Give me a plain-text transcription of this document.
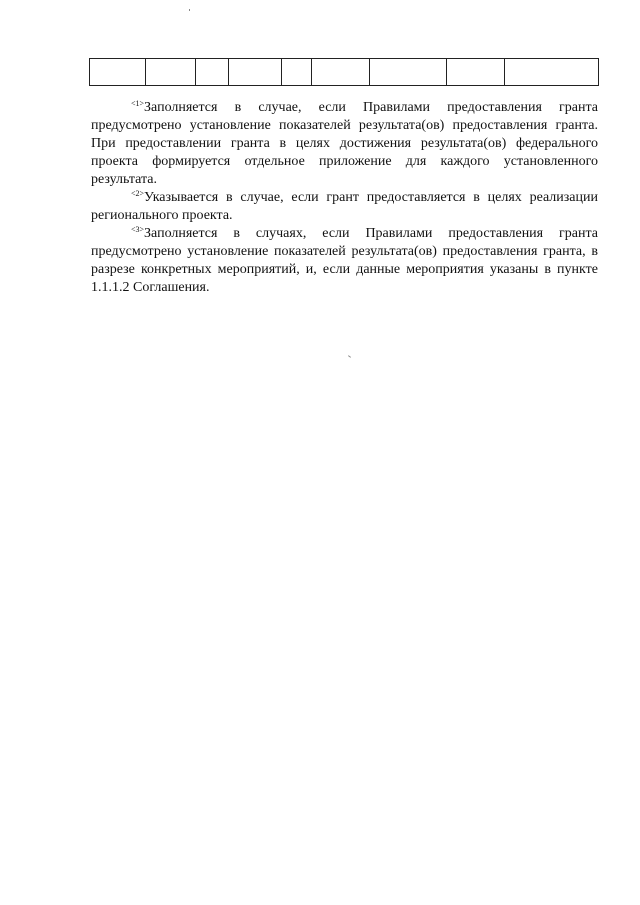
$^{<1>}$Заполняется в случае, если Правилами предоставления гранта предусмотрено установление показателей результата(ов) предоставления гранта. При предоставлении гранта в целях достижения результата(ов) федерального проекта формируется отдельное приложение для каждого установленного результата.

$^{<2>}$Указывается в случае, если грант предоставляется в целях реализации регионального проекта.

$^{<3>}$Заполняется в случаях, если Правилами предоставления гранта предусмотрено установление показателей результата(ов) предоставления гранта, в разрезе конкретных мероприятий, и, если данные мероприятия указаны в пункте 1.1.1.2 Соглашения.
